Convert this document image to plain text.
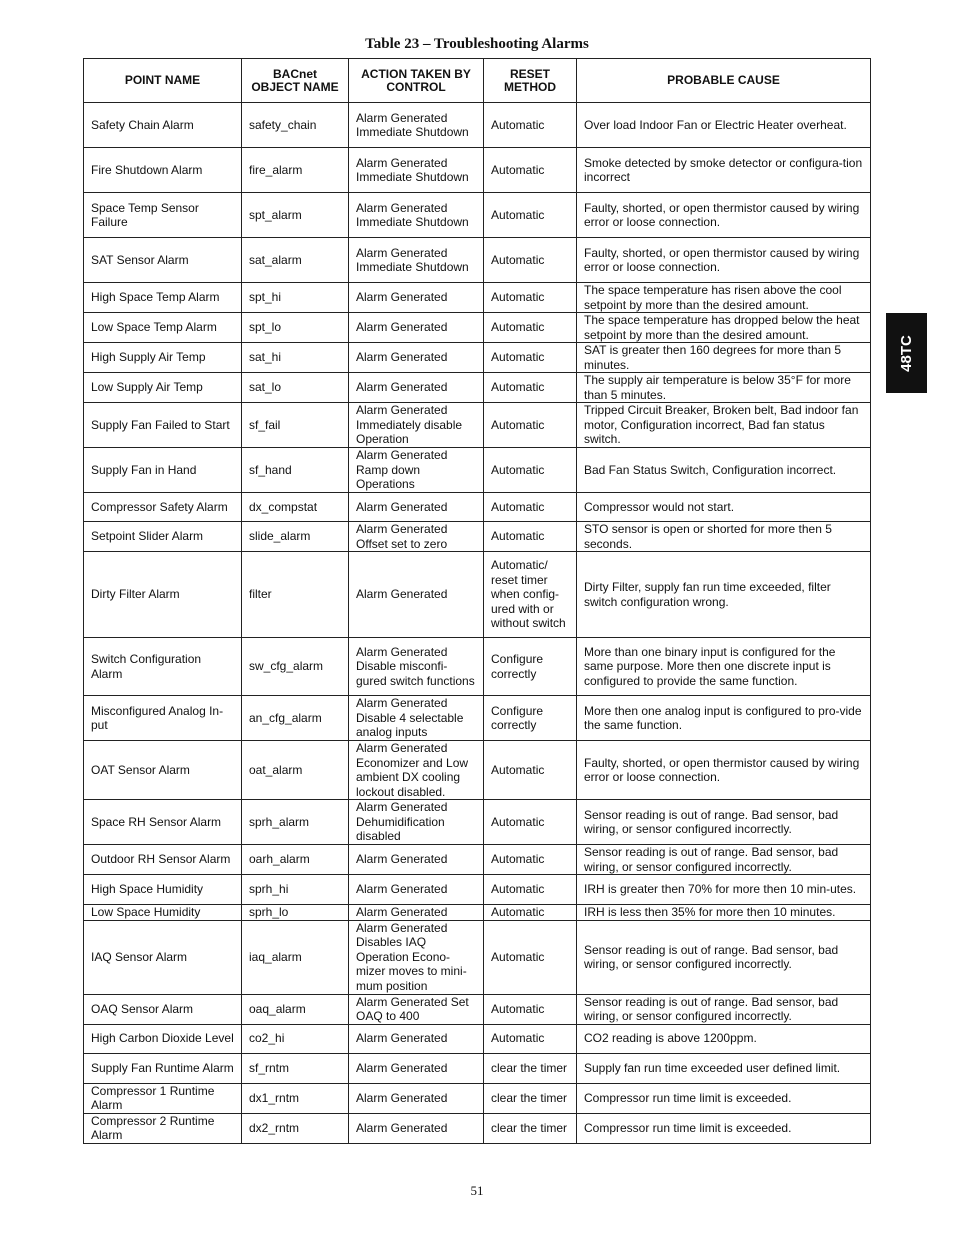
Table 23 – Troubleshooting Alarms
POINT NAME	BACnet OBJECT NAME	ACTION TAKEN BY CONTROL	RESET METHOD	PROBABLE CAUSE
Safety Chain Alarm	safety_chain	Alarm Generated Immediate Shutdown	Automatic	Over load Indoor Fan or Electric Heater overheat.
Fire Shutdown Alarm	fire_alarm	Alarm Generated Immediate Shutdown	Automatic	Smoke detected by smoke detector or configura-tion incorrect
Space Temp Sensor Failure	spt_alarm	Alarm Generated Immediate Shutdown	Automatic	Faulty, shorted, or open thermistor caused by wiring error or loose connection.
SAT Sensor Alarm	sat_alarm	Alarm Generated Immediate Shutdown	Automatic	Faulty, shorted, or open thermistor caused by wiring error or loose connection.
High Space Temp Alarm	spt_hi	Alarm Generated	Automatic	The space temperature has risen above the cool setpoint by more than the desired amount.
Low Space Temp Alarm	spt_lo	Alarm Generated	Automatic	The space temperature has dropped below the heat setpoint by more than the desired amount.
High Supply Air Temp	sat_hi	Alarm Generated	Automatic	SAT is greater then 160 degrees for more than 5 minutes.
Low Supply Air Temp	sat_lo	Alarm Generated	Automatic	The supply air temperature is below 35°F for more than 5 minutes.
Supply Fan Failed to Start	sf_fail	Alarm Generated Immediately disable Operation	Automatic	Tripped Circuit Breaker, Broken belt, Bad indoor fan motor, Configuration incorrect, Bad fan status switch.
Supply Fan in Hand	sf_hand	Alarm Generated Ramp down Operations	Automatic	Bad Fan Status Switch, Configuration incorrect.
Compressor Safety Alarm	dx_compstat	Alarm Generated	Automatic	Compressor would not start.
Setpoint Slider Alarm	slide_alarm	Alarm Generated Offset set to zero	Automatic	STO sensor is open or shorted for more then 5 seconds.
Dirty Filter Alarm	filter	Alarm Generated	Automatic/ reset timer when config-ured with or without switch	Dirty Filter, supply fan run time exceeded, filter switch configuration wrong.
Switch Configuration Alarm	sw_cfg_alarm	Alarm Generated Disable misconfi-gured switch functions	Configure correctly	More than one binary input is configured for the same purpose. More then one discrete input is configured to provide the same function.
Misconfigured Analog In-put	an_cfg_alarm	Alarm Generated Disable 4 selectable analog inputs	Configure correctly	More then one analog input is configured to pro-vide the same function.
OAT Sensor Alarm	oat_alarm	Alarm Generated Economizer and Low ambient DX cooling lockout disabled.	Automatic	Faulty, shorted, or open thermistor caused by wiring error or loose connection.
Space RH Sensor Alarm	sprh_alarm	Alarm Generated Dehumidification disabled	Automatic	Sensor reading is out of range. Bad sensor, bad wiring, or sensor configured incorrectly.
Outdoor RH Sensor Alarm	oarh_alarm	Alarm Generated	Automatic	Sensor reading is out of range. Bad sensor, bad wiring, or sensor configured incorrectly.
High Space Humidity	sprh_hi	Alarm Generated	Automatic	IRH is greater then 70% for more then 10 min-utes.
Low Space Humidity	sprh_lo	Alarm Generated	Automatic	IRH is less then 35% for more then 10 minutes.
IAQ Sensor Alarm	iaq_alarm	Alarm Generated Disables IAQ Operation Econo-mizer moves to mini-mum position	Automatic	Sensor reading is out of range. Bad sensor, bad wiring, or sensor configured incorrectly.
OAQ Sensor Alarm	oaq_alarm	Alarm Generated Set OAQ to 400	Automatic	Sensor reading is out of range. Bad sensor, bad wiring, or sensor configured incorrectly.
High Carbon Dioxide Level	co2_hi	Alarm Generated	Automatic	CO2 reading is above 1200ppm.
Supply Fan Runtime Alarm	sf_rntm	Alarm Generated	clear the timer	Supply fan run time exceeded user defined limit.
Compressor 1 Runtime Alarm	dx1_rntm	Alarm Generated	clear the timer	Compressor run time limit is exceeded.
Compressor 2 Runtime Alarm	dx2_rntm	Alarm Generated	clear the timer	Compressor run time limit is exceeded.
48TC
51
